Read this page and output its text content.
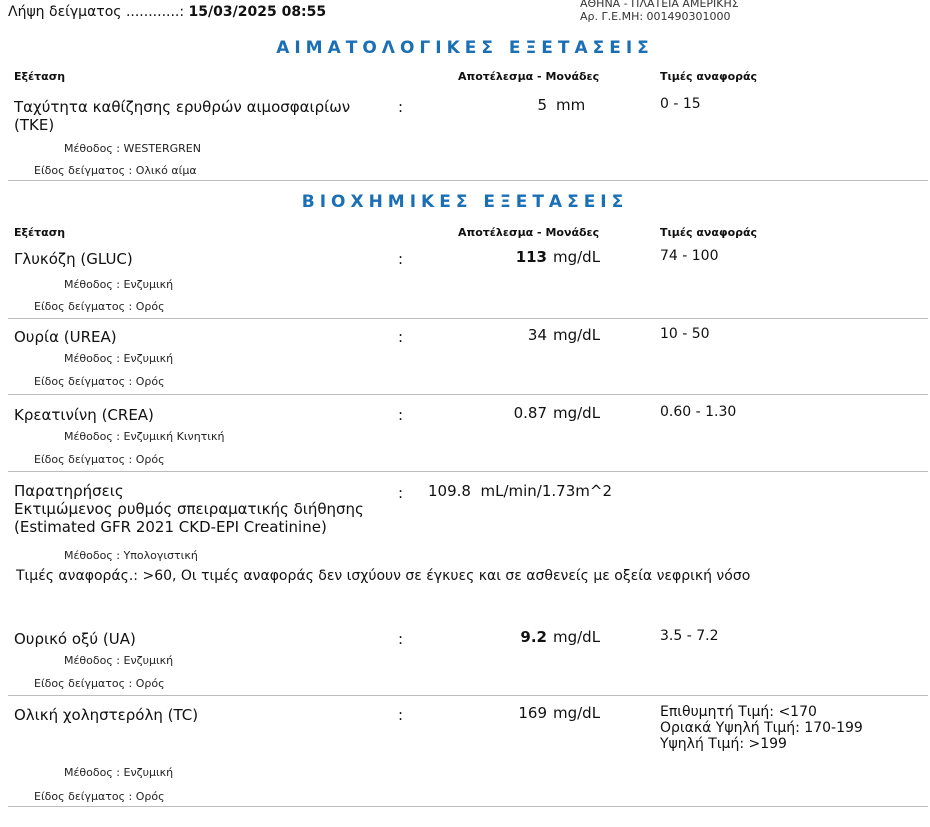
Λήψη δείγματος ............: 15/03/2025 08:55
ΑΘΗΝΑ - ΠΛΑΤΕΙΑ ΑΜΕΡΙΚΗΣ
Αρ. Γ.Ε.ΜΗ: 001490301000
ΑΙΜΑΤΟΛΟΓΙΚΕΣ ΕΞΕΤΑΣΕΙΣ
Εξέταση	Αποτέλεσμα - Μονάδες	Τιμές αναφοράς
Ταχύτητα καθίζησης ερυθρών αιμοσφαιρίων
(ΤΚΕ)
:	5 mm	0 - 15
Μέθοδος : WESTERGREN
Είδος δείγματος : Ολικό αίμα
ΒΙΟΧΗΜΙΚΕΣ ΕΞΕΤΑΣΕΙΣ
Εξέταση	Αποτέλεσμα - Μονάδες	Τιμές αναφοράς
Γλυκόζη (GLUC)	:	113 mg/dL	74 - 100
Μέθοδος : Ενζυμική
Είδος δείγματος : Ορός
Ουρία (UREA)	:	34 mg/dL	10 - 50
Μέθοδος : Ενζυμική
Είδος δείγματος : Ορός
Κρεατινίνη (CREA)	:	0.87 mg/dL	0.60 - 1.30
Μέθοδος : Ενζυμική Κινητική
Είδος δείγματος : Ορός
Παρατηρήσεις
Εκτιμώμενος ρυθμός σπειραματικής διήθησης
(Estimated GFR 2021 CKD-EPI Creatinine)
: 109.8 mL/min/1.73m^2
Μέθοδος : Υπολογιστική
Τιμές αναφοράς.: >60, Οι τιμές αναφοράς δεν ισχύουν σε έγκυες και σε ασθενείς με οξεία νεφρική νόσο
Ουρικό οξύ (UA)	:	9.2 mg/dL	3.5 - 7.2
Μέθοδος : Ενζυμική
Είδος δείγματος : Ορός
Ολική χοληστερόλη (TC)	:	169 mg/dL	Επιθυμητή Τιμή: <170
Οριακά Υψηλή Τιμή: 170-199
Υψηλή Τιμή: >199
Μέθοδος : Ενζυμική
Είδος δείγματος : Ορός
